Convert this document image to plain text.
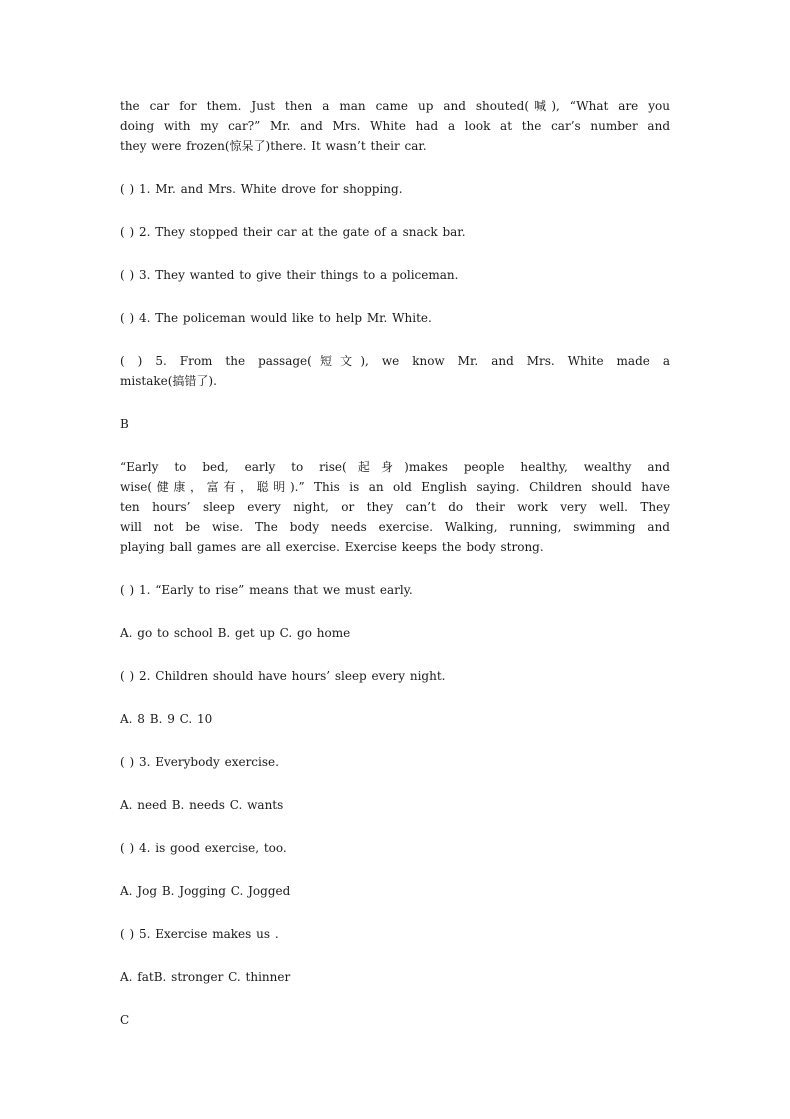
the car for them. Just then a man came up and shouted(喊), “What are you

doing with my car?” Mr. and Mrs. White had a look at the car’s number and

they were frozen(惊呆了)there. It wasn’t their car.

( ) 1. Mr. and Mrs. White drove for shopping.

( ) 2. They stopped their car at the gate of a snack bar.

( ) 3. They wanted to give their things to a policeman.

( ) 4. The policeman would like to help Mr. White.

( ) 5. From the passage(短文), we know Mr. and Mrs. White made a

mistake(搞错了).

B

“Early to bed, early to rise(起身)makes people healthy, wealthy and

wise(健康，富有，聪明).” This is an old English saying. Children should have

ten hours’ sleep every night, or they can’t do their work very well. They

will not be wise. The body needs exercise. Walking, running, swimming and

playing ball games are all exercise. Exercise keeps the body strong.

( ) 1. “Early to rise” means that we must early.

A. go to school B. get up C. go home

( ) 2. Children should have hours’ sleep every night.

A. 8 B. 9 C. 10

( ) 3. Everybody exercise.

A. need B. needs C. wants

( ) 4. is good exercise, too.

A. Jog B. Jogging C. Jogged

( ) 5. Exercise makes us .

A. fatB. stronger C. thinner

C
